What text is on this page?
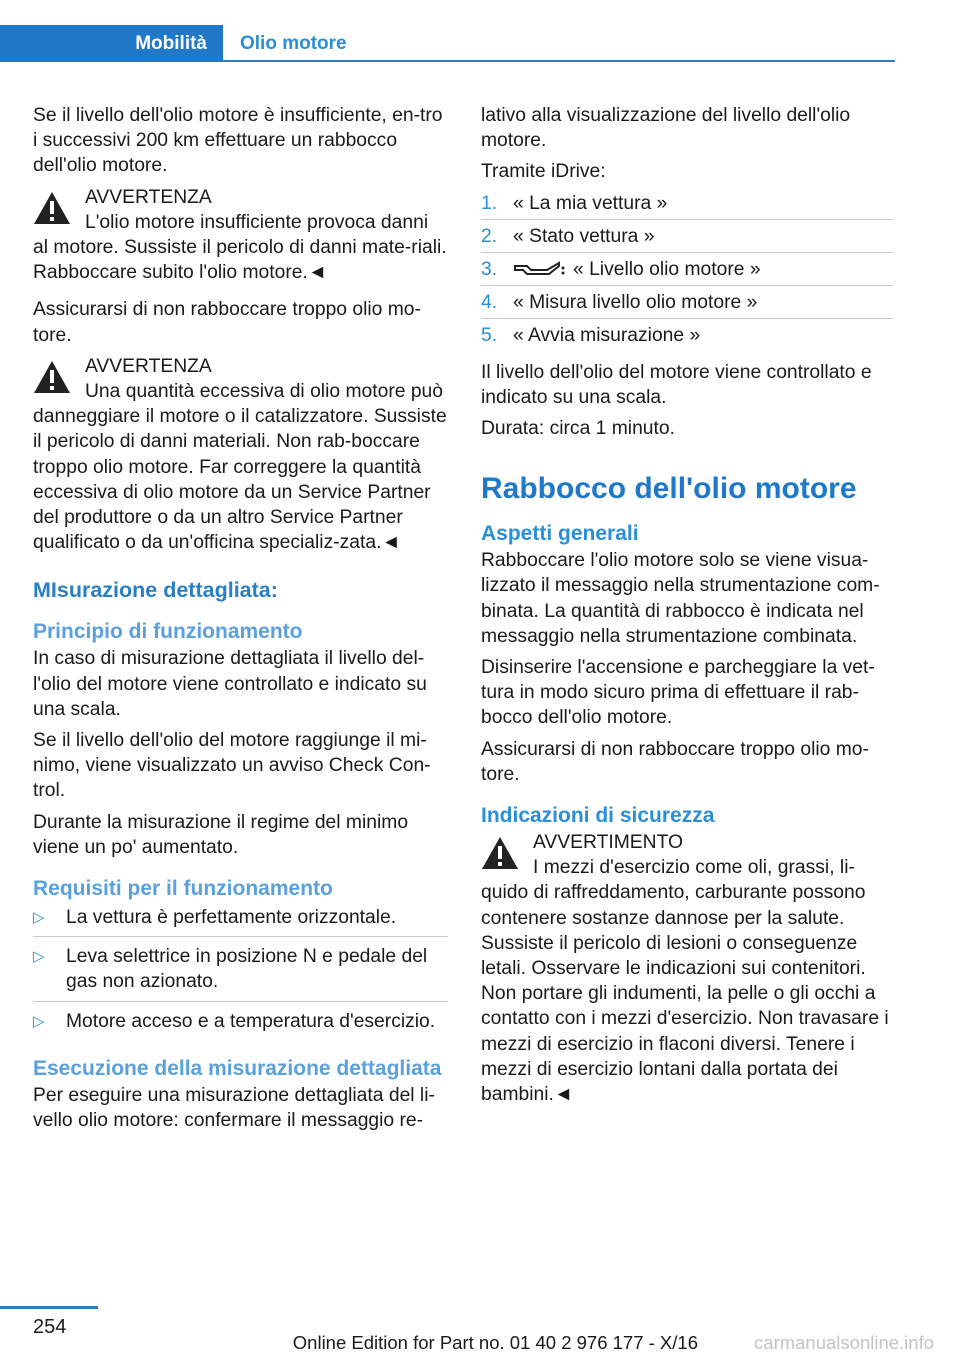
Mobilità	Olio motore

Se il livello dell'olio motore è insufficiente, en-tro i successivi 200 km effettuare un rabbocco dell'olio motore.

AVVERTENZA
L'olio motore insufficiente provoca danni al motore. Sussiste il pericolo di danni mate-riali. Rabboccare subito l'olio motore.◄

Assicurarsi di non rabboccare troppo olio mo-tore.

AVVERTENZA
Una quantità eccessiva di olio motore può danneggiare il motore o il catalizzatore. Sussiste il pericolo di danni materiali. Non rab-boccare troppo olio motore. Far correggere la quantità eccessiva di olio motore da un Service Partner del produttore o da un altro Service Partner qualificato o da un'officina specializ-zata.◄
MIsurazione dettagliata:
Principio di funzionamento

In caso di misurazione dettagliata il livello del-l'olio del motore viene controllato e indicato su una scala.

Se il livello dell'olio del motore raggiunge il mi-nimo, viene visualizzato un avviso Check Con-trol.

Durante la misurazione il regime del minimo viene un po' aumentato.

Requisiti per il funzionamento
▷ La vettura è perfettamente orizzontale.
▷ Leva selettrice in posizione N e pedale del gas non azionato.
▷ Motore acceso e a temperatura d'esercizio.
Esecuzione della misurazione dettagliata

Per eseguire una misurazione dettagliata del li-vello olio motore: confermare il messaggio re-

lativo alla visualizzazione del livello dell'olio motore.

Tramite iDrive:

1. « La mia vettura »
2. « Stato vettura »
3.	« Livello olio motore »
4. « Misura livello olio motore »
5. « Avvia misurazione »

Il livello dell'olio del motore viene controllato e indicato su una scala.

Durata: circa 1 minuto.

Rabbocco dell'olio motore
Aspetti generali

Rabboccare l'olio motore solo se viene visua-lizzato il messaggio nella strumentazione com-binata. La quantità di rabbocco è indicata nel messaggio nella strumentazione combinata.

Disinserire l'accensione e parcheggiare la vet-tura in modo sicuro prima di effettuare il rab-bocco dell'olio motore.

Assicurarsi di non rabboccare troppo olio mo-tore.

Indicazioni di sicurezza
AVVERTIMENTO
I mezzi d'esercizio come oli, grassi, li-quido di raffreddamento, carburante possono contenere sostanze dannose per la salute. Sussiste il pericolo di lesioni o conseguenze letali. Osservare le indicazioni sui contenitori. Non portare gli indumenti, la pelle o gli occhi a contatto con i mezzi d'esercizio. Non travasare i mezzi di esercizio in flaconi diversi. Tenere i mezzi di esercizio lontani dalla portata dei bambini.◄
254
Online Edition for Part no. 01 40 2 976 177 - X/16	carmanualsonline.info
